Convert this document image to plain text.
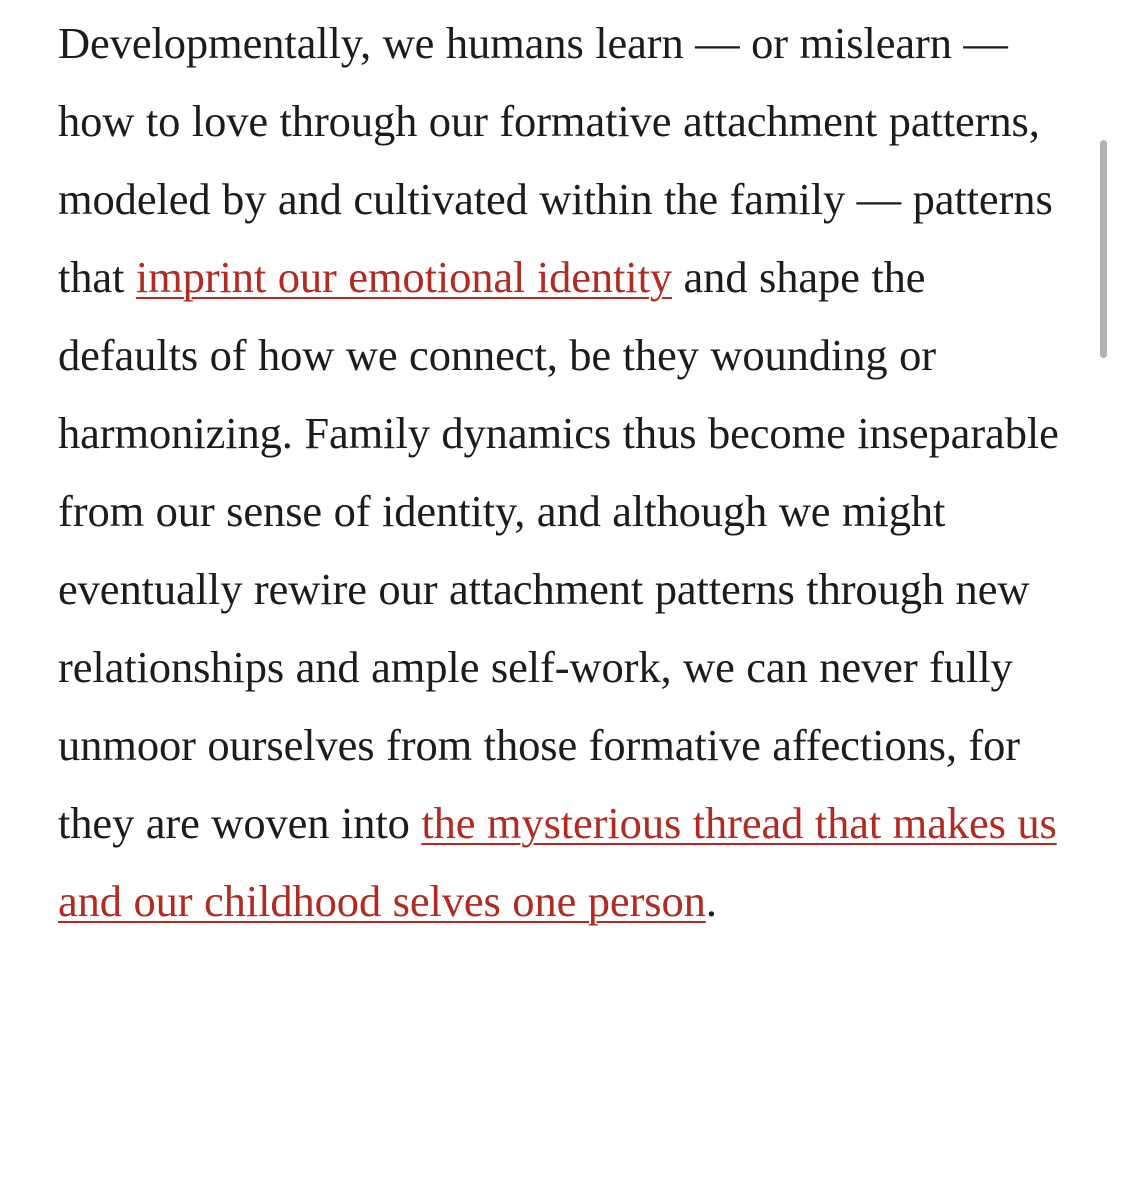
Developmentally, we humans learn — or mislearn — how to love through our formative attachment patterns, modeled by and cultivated within the family — patterns that imprint our emotional identity and shape the defaults of how we connect, be they wounding or harmonizing. Family dynamics thus become inseparable from our sense of identity, and although we might eventually rewire our attachment patterns through new relationships and ample self-work, we can never fully unmoor ourselves from those formative affections, for they are woven into the mysterious thread that makes us and our childhood selves one person.
